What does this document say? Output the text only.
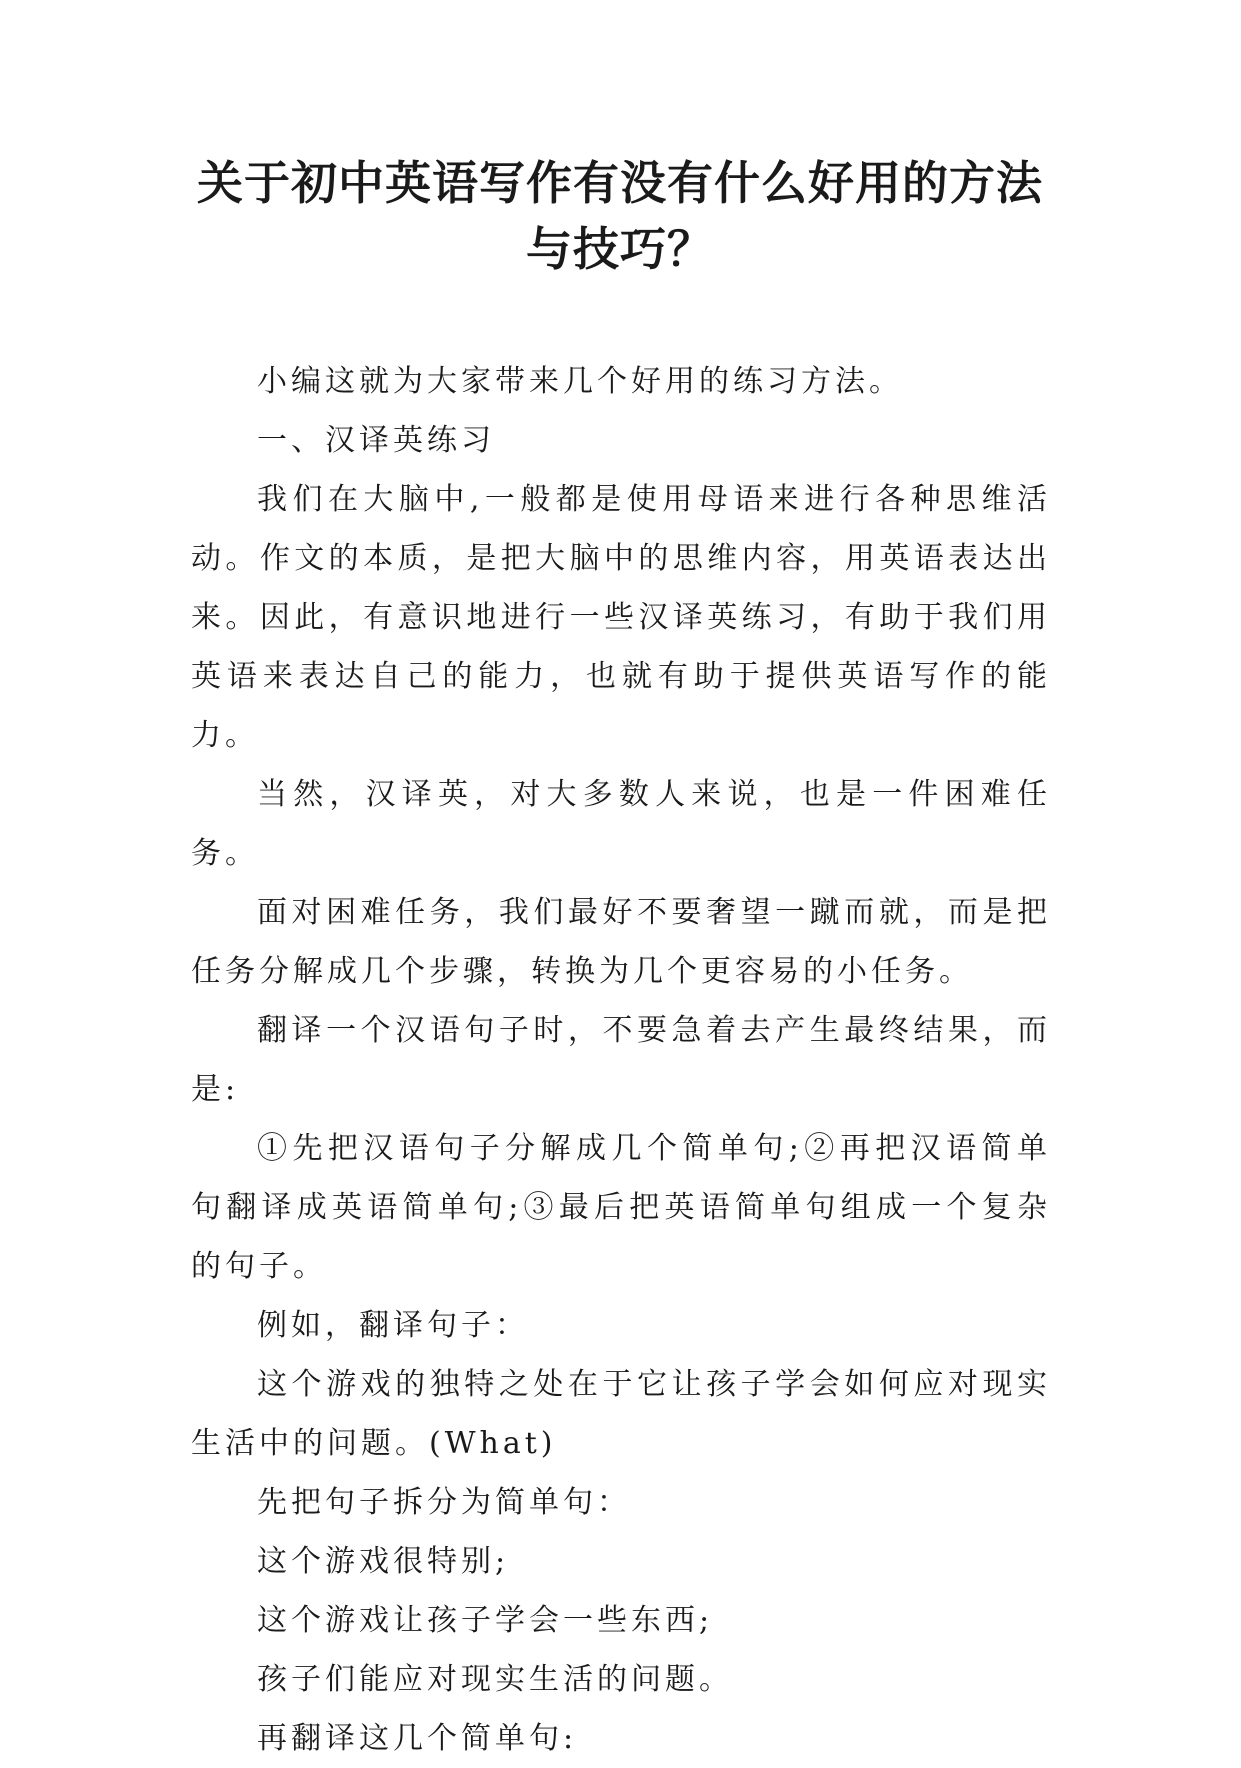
关于初中英语写作有没有什么好用的方法
与技巧？

小编这就为大家带来几个好用的练习方法。

一、汉译英练习

我们在大脑中,一般都是使用母语来进行各种思维活动。作文的本质，是把大脑中的思维内容，用英语表达出来。因此，有意识地进行一些汉译英练习，有助于我们用英语来表达自己的能力，也就有助于提供英语写作的能力。

当然，汉译英，对大多数人来说，也是一件困难任务。

面对困难任务，我们最好不要奢望一蹴而就，而是把任务分解成几个步骤，转换为几个更容易的小任务。

翻译一个汉语句子时，不要急着去产生最终结果，而是:

①先把汉语句子分解成几个简单句;②再把汉语简单句翻译成英语简单句;③最后把英语简单句组成一个复杂的句子。

例如，翻译句子：

这个游戏的独特之处在于它让孩子学会如何应对现实生活中的问题。(What)

先把句子拆分为简单句：

这个游戏很特别;

这个游戏让孩子学会一些东西;

孩子们能应对现实生活的问题。

再翻译这几个简单句:
